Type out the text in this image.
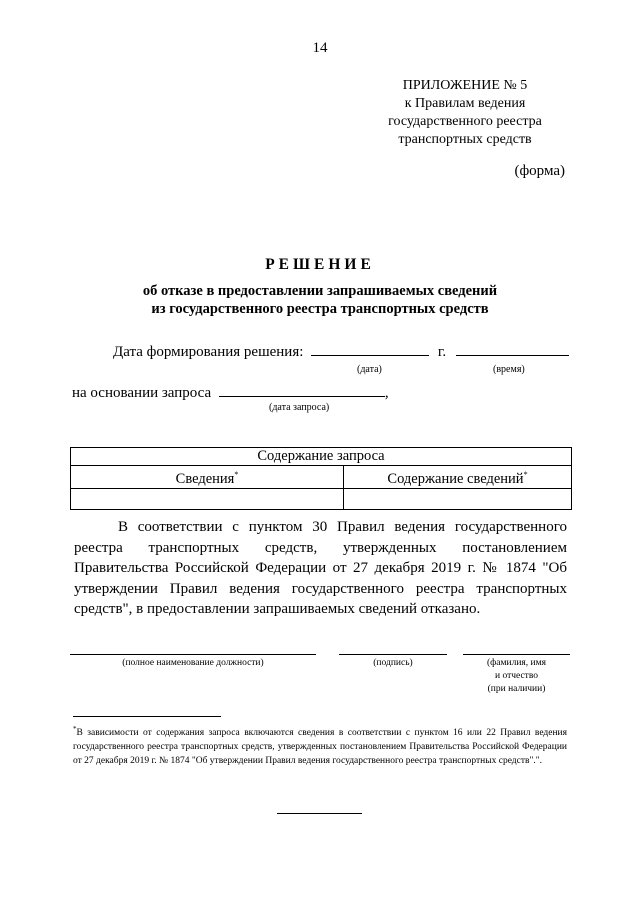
14
ПРИЛОЖЕНИЕ № 5
к Правилам ведения
государственного реестра
транспортных средств
(форма)
РЕШЕНИЕ
об отказе в предоставлении запрашиваемых сведений
из государственного реестра транспортных средств
Дата формирования решения:	г.
(дата)	(время)
на основании запроса	,
(дата запроса)
Содержание запроса	
Сведения*	Содержание сведений*

В соответствии с пунктом 30 Правил ведения государственного реестра транспортных средств, утвержденных постановлением Правительства Российской Федерации от 27 декабря 2019 г. № 1874 "Об утверждении Правил ведения государственного реестра транспортных средств", в предоставлении запрашиваемых сведений отказано.

(полное наименование должности)	(подпись)	(фамилия, имя
и отчество
(при наличии)
*В зависимости от содержания запроса включаются сведения в соответствии с пунктом 16 или 22 Правил ведения государственного реестра транспортных средств, утвержденных постановлением Правительства Российской Федерации от 27 декабря 2019 г. № 1874 "Об утверждении Правил ведения государственного реестра транспортных средств".".
